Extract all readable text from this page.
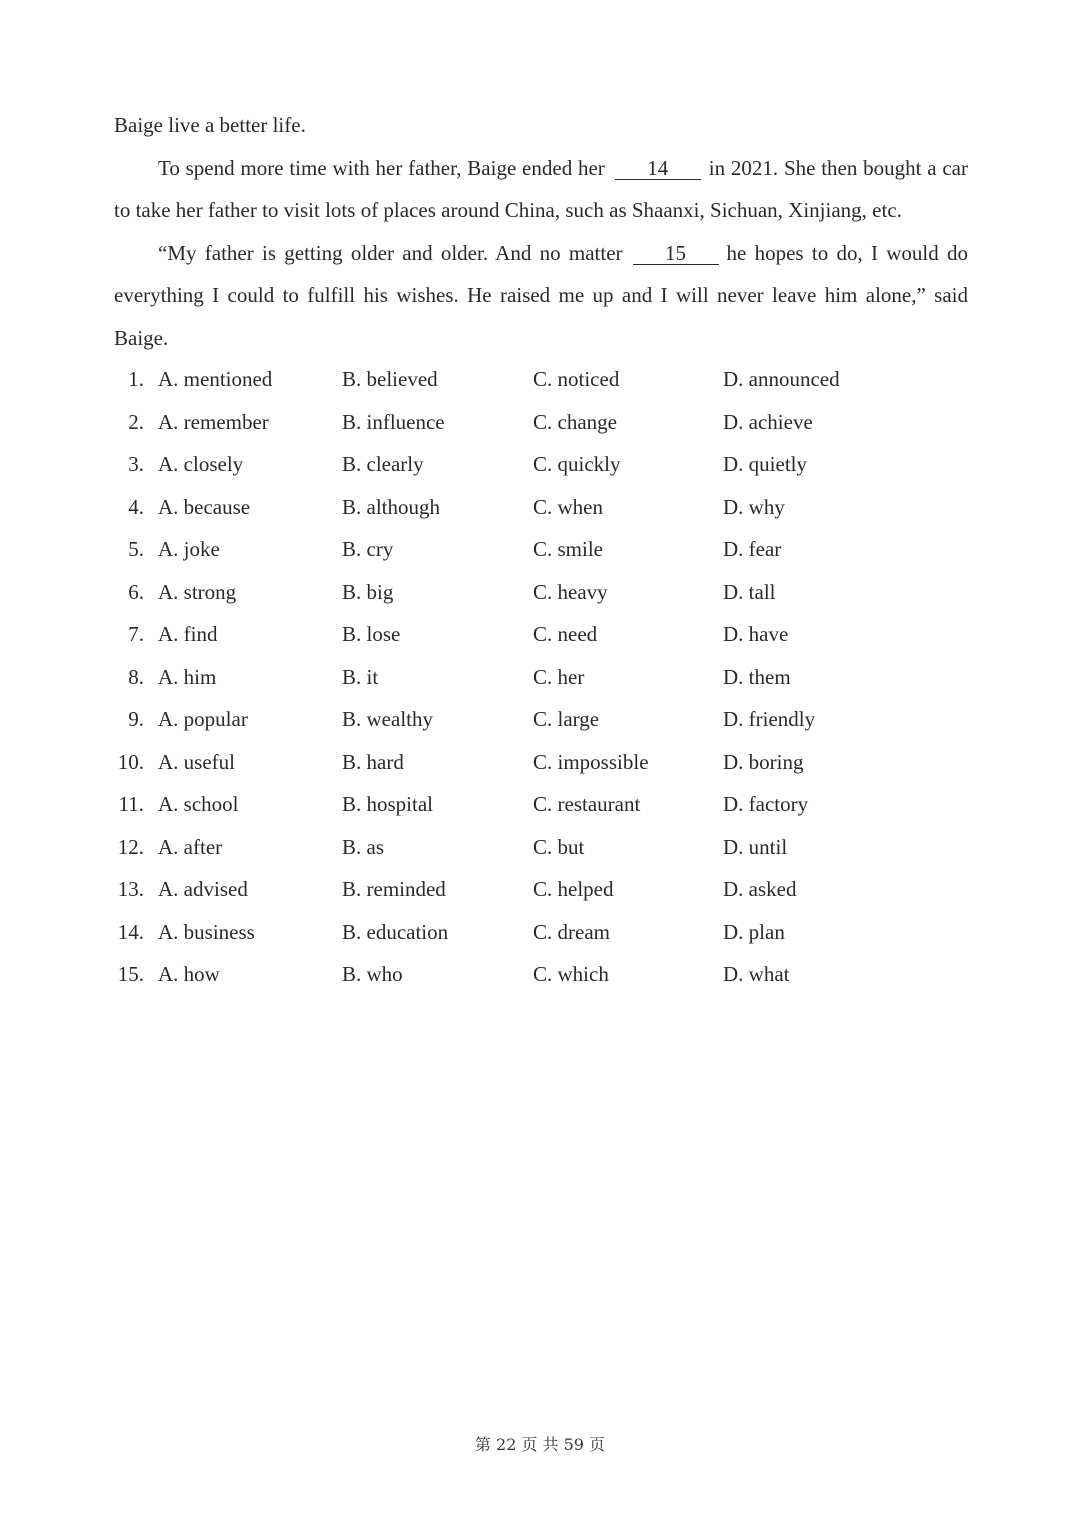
Baige live a better life.

To spend more time with her father, Baige ended her 14 in 2021. She then bought a car to take her father to visit lots of places around China, such as Shaanxi, Sichuan, Xinjiang, etc.

“My father is getting older and older. And no matter 15 he hopes to do, I would do everything I could to fulfill his wishes. He raised me up and I will never leave him alone,” said Baige.

1. A. mentioned	B. believed	C. noticed	D. announced
2. A. remember	B. influence	C. change	D. achieve
3. A. closely	B. clearly	C. quickly	D. quietly
4. A. because	B. although	C. when	D. why
5. A. joke	B. cry	C. smile	D. fear
6. A. strong	B. big	C. heavy	D. tall
7. A. find	B. lose	C. need	D. have
8. A. him	B. it	C. her	D. them
9. A. popular	B. wealthy	C. large	D. friendly
10. A. useful	B. hard	C. impossible	D. boring
11. A. school	B. hospital	C. restaurant	D. factory
12. A. after	B. as	C. but	D. until
13. A. advised	B. reminded	C. helped	D. asked
14. A. business	B. education	C. dream	D. plan
15. A. how	B. who	C. which	D. what
第 22 页 共 59 页
